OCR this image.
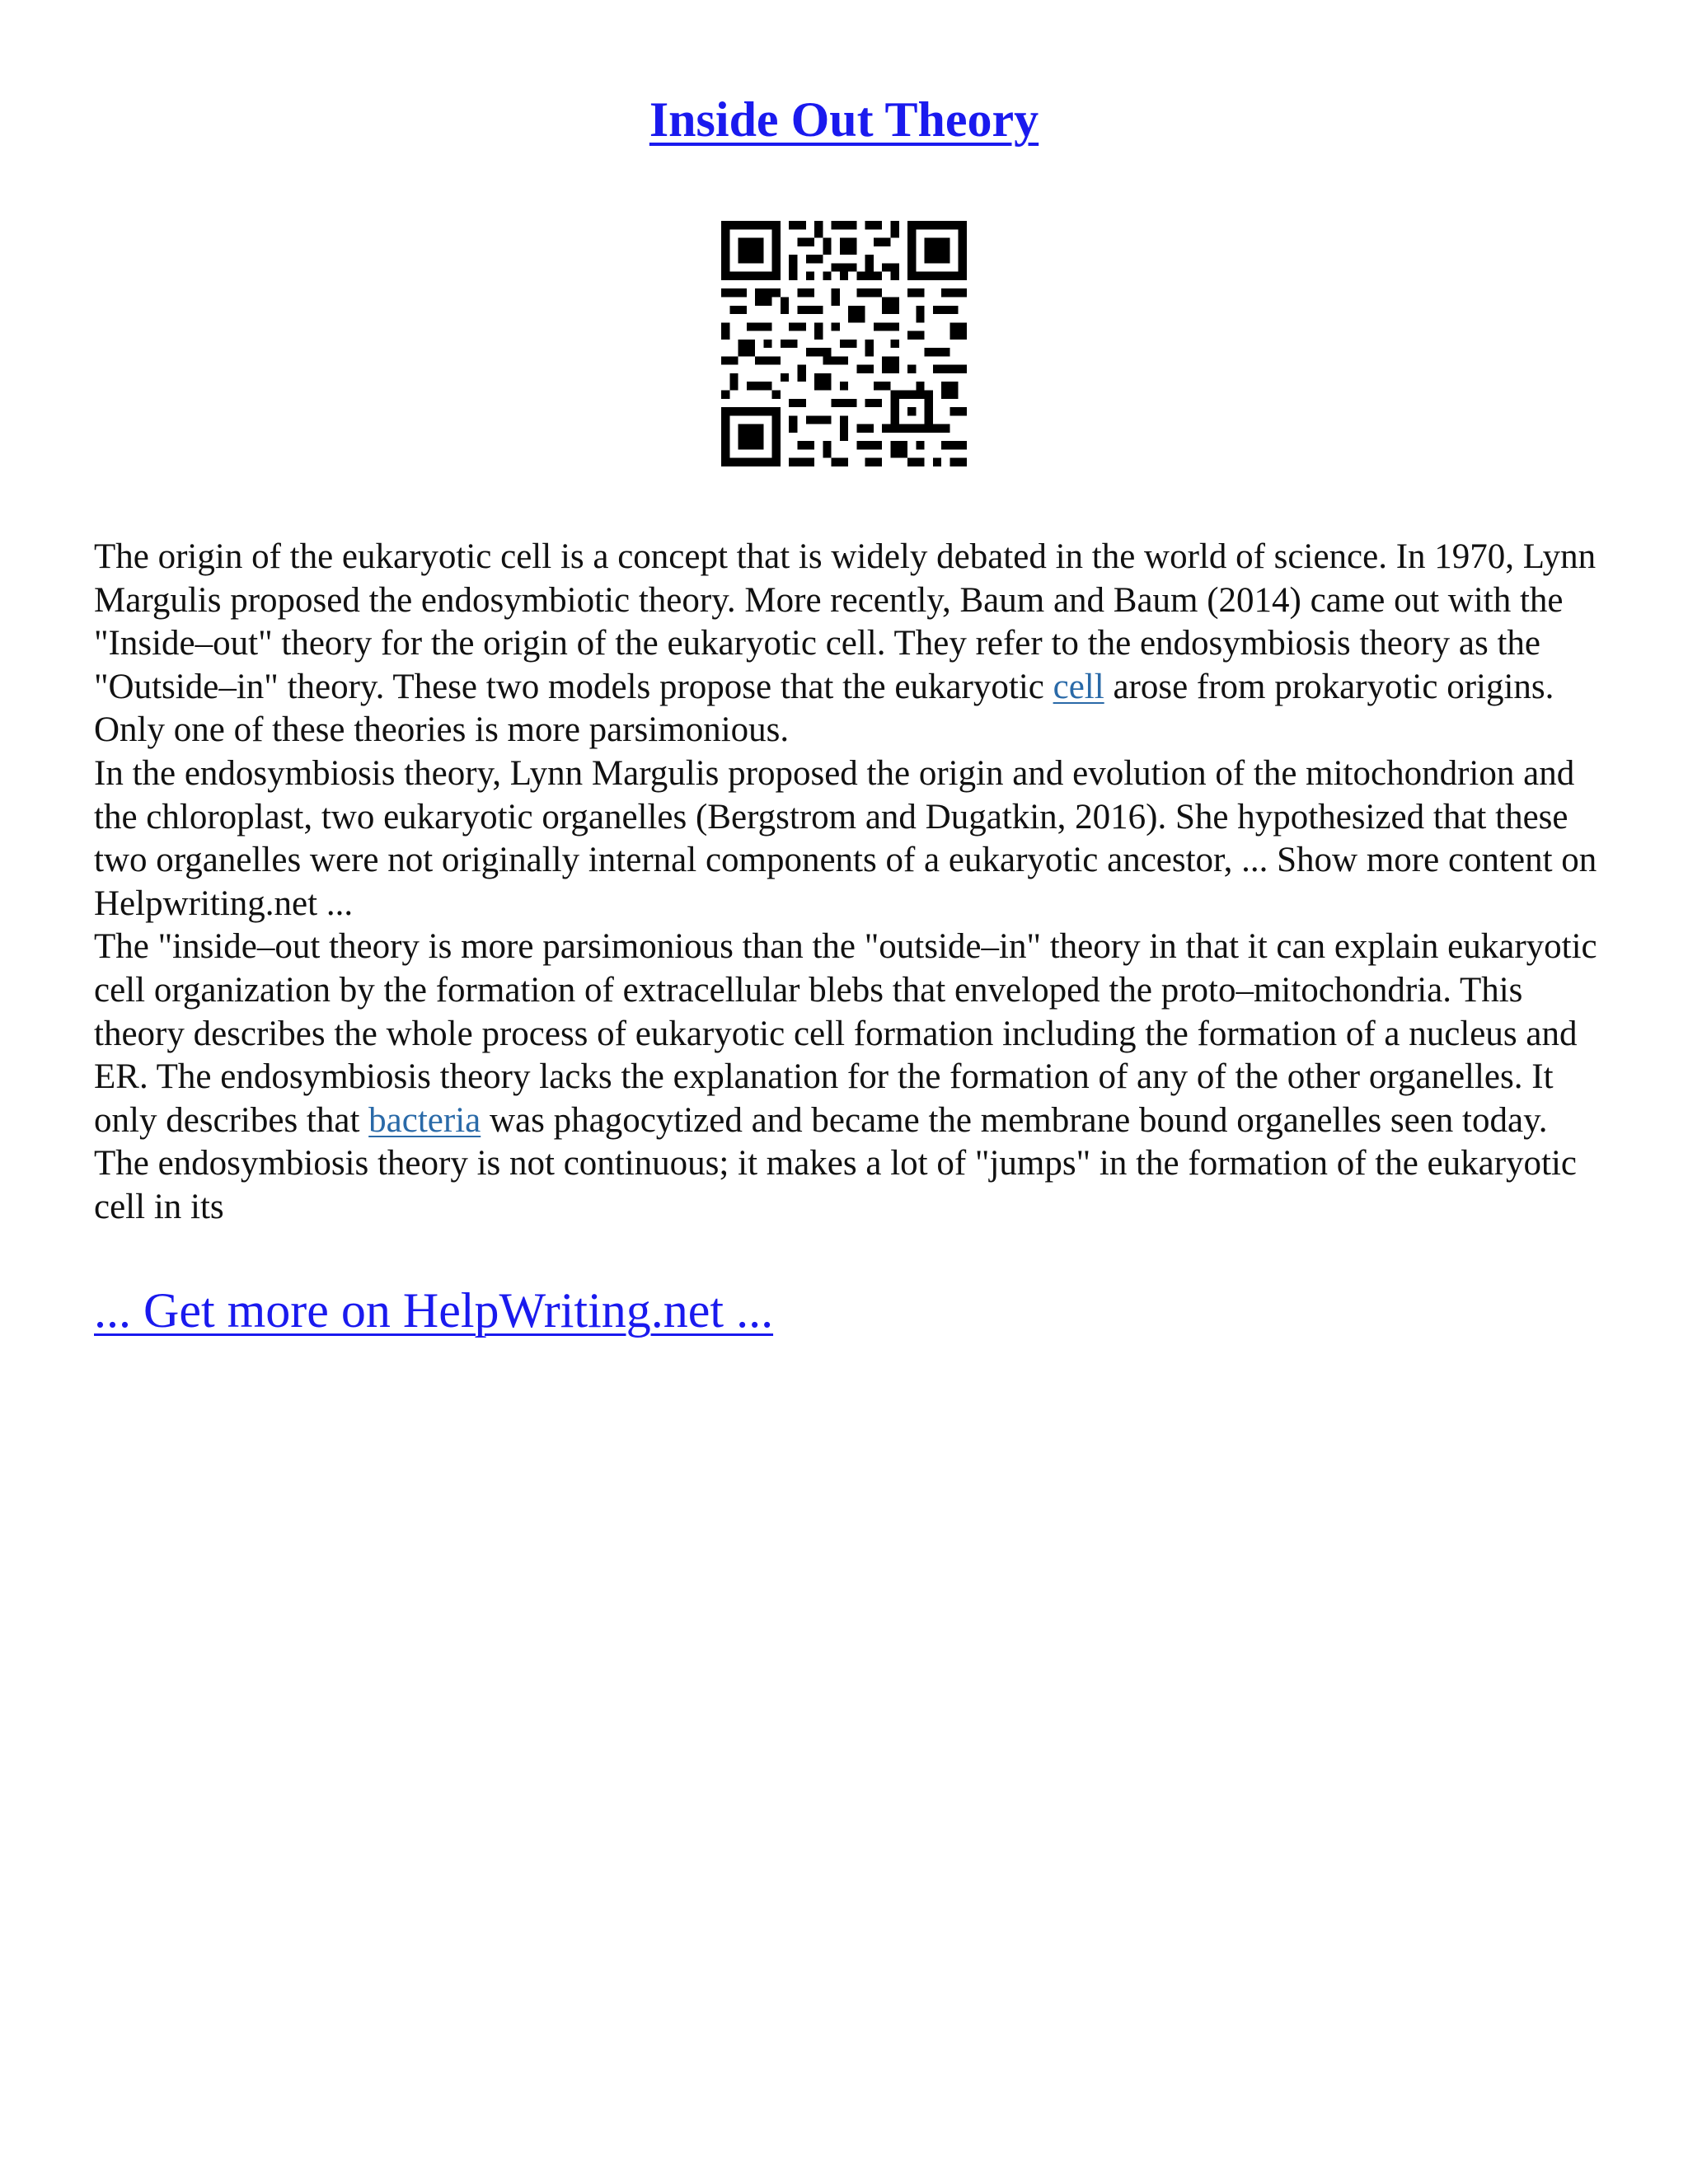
Inside Out Theory

The origin of the eukaryotic cell is a concept that is widely debated in the world of science. In 1970, Lynn Margulis proposed the endosymbiotic theory. More recently, Baum and Baum (2014) came out with the "Inside–out" theory for the origin of the eukaryotic cell. They refer to the endosymbiosis theory as the "Outside–in" theory. These two models propose that the eukaryotic cell arose from prokaryotic origins. Only one of these theories is more parsimonious.

In the endosymbiosis theory, Lynn Margulis proposed the origin and evolution of the mitochondrion and the chloroplast, two eukaryotic organelles (Bergstrom and Dugatkin, 2016). She hypothesized that these two organelles were not originally internal components of a eukaryotic ancestor, ... Show more content on Helpwriting.net ...

The "inside–out theory is more parsimonious than the "outside–in" theory in that it can explain eukaryotic cell organization by the formation of extracellular blebs that enveloped the proto–mitochondria. This theory describes the whole process of eukaryotic cell formation including the formation of a nucleus and ER. The endosymbiosis theory lacks the explanation for the formation of any of the other organelles. It only describes that bacteria was phagocytized and became the membrane bound organelles seen today. The endosymbiosis theory is not continuous; it makes a lot of "jumps" in the formation of the eukaryotic cell in its

... Get more on HelpWriting.net ...
